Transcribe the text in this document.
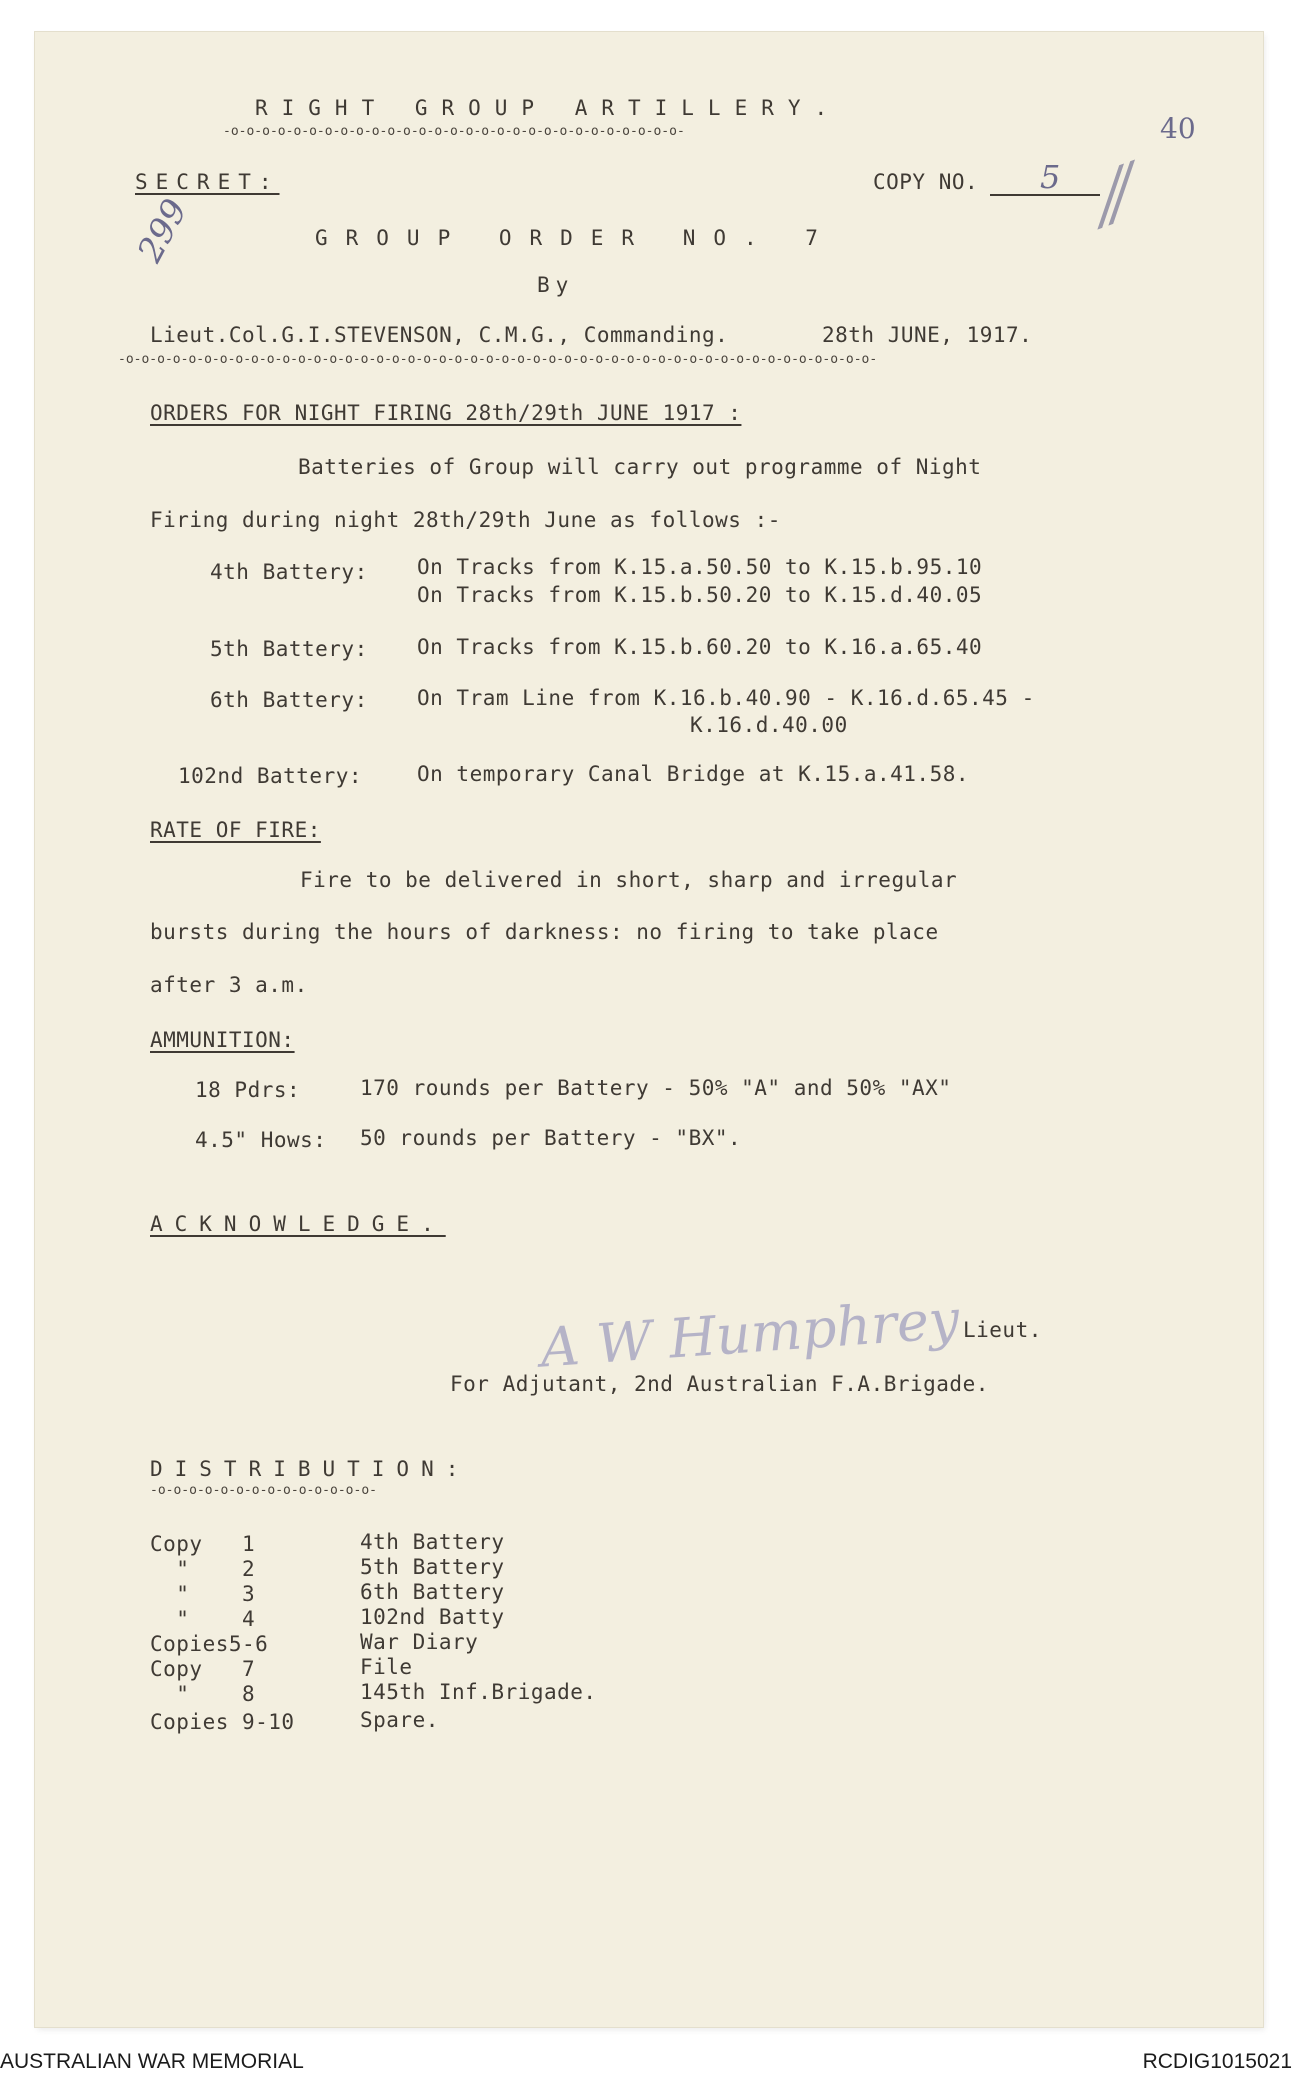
RIGHT GROUP ARTILLERY.
-o-o-o-o-o-o-o-o-o-o-o-o-o-o-o-o-o-o-o-o-o-o-o-o-o-o-o-o-o-	40
SECRET:	COPY NO. 5
299	⁄⁄
GROUP ORDER NO. 7
By
Lieut.Col.G.I.STEVENSON, C.M.G., Commanding.	28th JUNE, 1917.
-o-o-o-o-o-o-o-o-o-o-o-o-o-o-o-o-o-o-o-o-o-o-o-o-o-o-o-o-o-o-o-o-o-o-o-o-o-o-o-o-o-o-o-o-o-o-o-o-
ORDERS FOR NIGHT FIRING 28th/29th JUNE 1917 :
Batteries of Group will carry out programme of Night
Firing during night 28th/29th June as follows :-
4th Battery: On Tracks from K.15.a.50.50 to K.15.b.95.10
On Tracks from K.15.b.50.20 to K.15.d.40.05
5th Battery: On Tracks from K.15.b.60.20 to K.16.a.65.40
6th Battery: On Tram Line from K.16.b.40.90 - K.16.d.65.45 -
K.16.d.40.00
102nd Battery:	On temporary Canal Bridge at K.15.a.41.58.
RATE OF FIRE:
Fire to be delivered in short, sharp and irregular
bursts during the hours of darkness: no firing to take place
after 3 a.m.
AMMUNITION:
18 Pdrs:	170 rounds per Battery - 50% "A" and 50% "AX"
4.5" Hows: 50 rounds per Battery - "BX".
ACKNOWLEDGE.
A W Humphrey Lieut.
For Adjutant, 2nd Australian F.A.Brigade.
DISTRIBUTION:
-o-o-o-o-o-o-o-o-o-o-o-o-o-o-
Copy   1	4th Battery
"    2	5th Battery
"    3	6th Battery
"    4	102nd Batty
Copies5-6	War Diary
Copy   7	File
"    8	145th Inf.Brigade.
Copies 9-10	Spare.
AUSTRALIAN WAR MEMORIAL	RCDIG1015021
